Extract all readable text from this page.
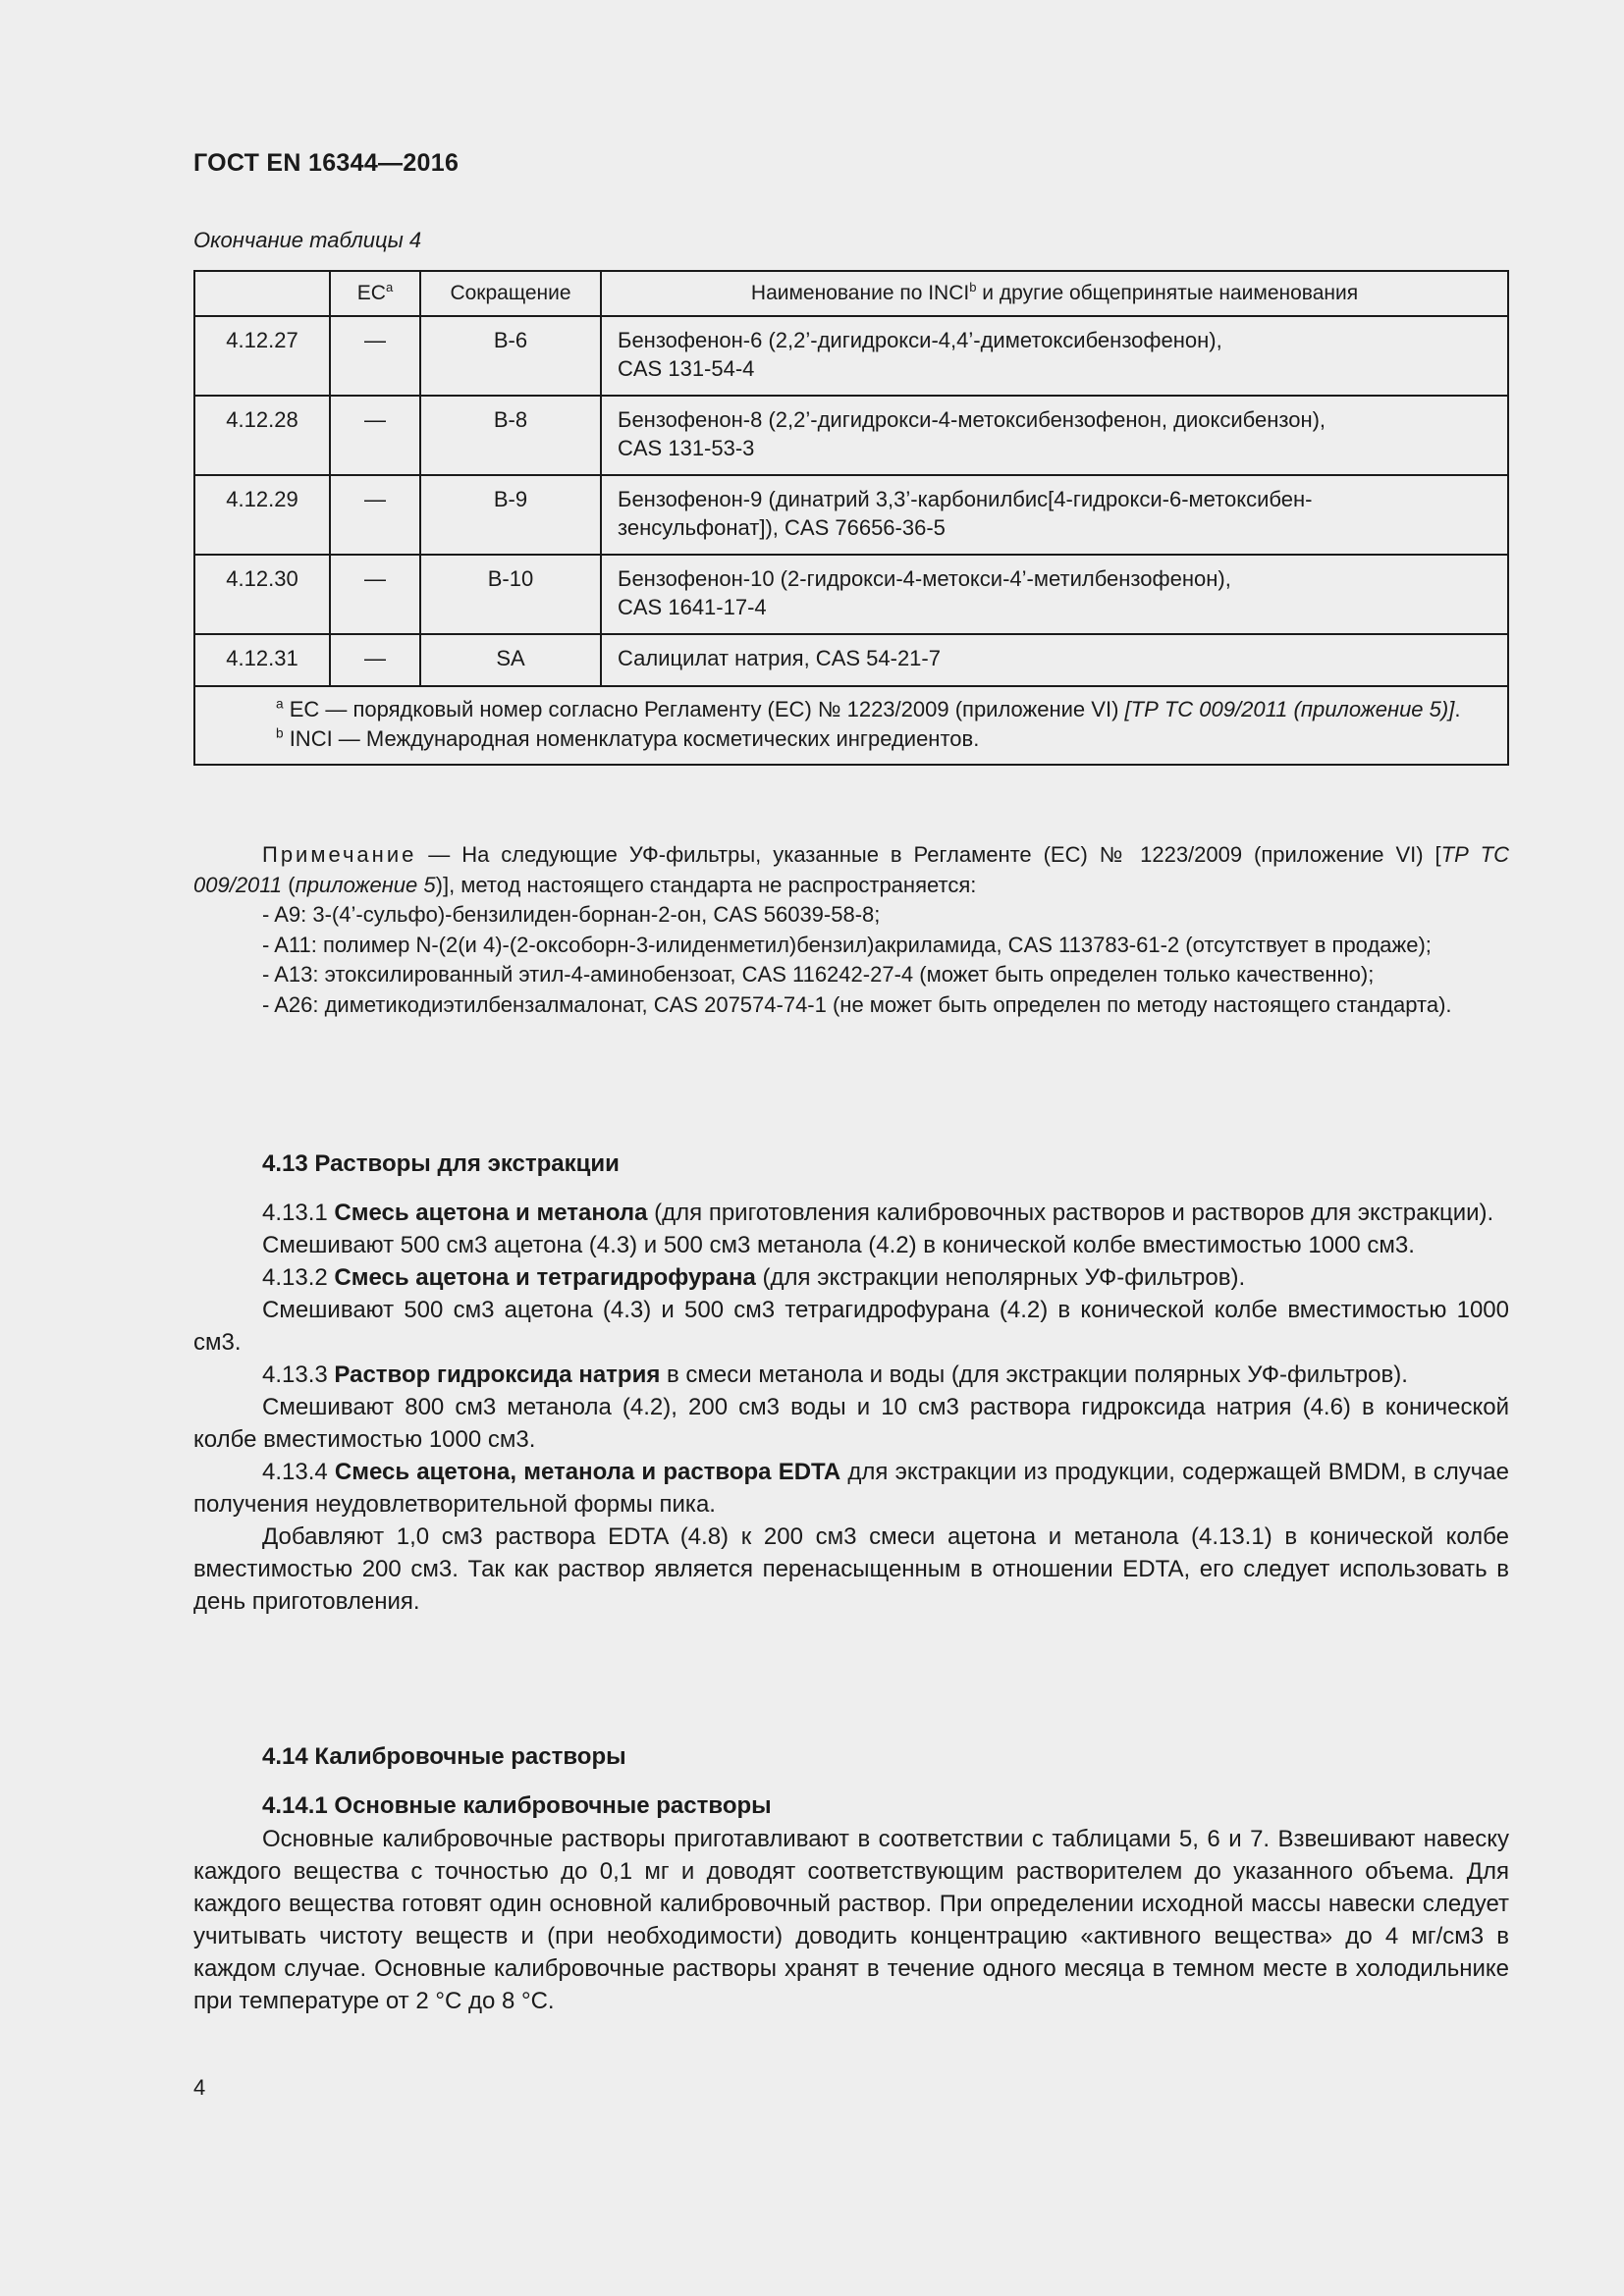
ГОСТ EN 16344—2016
Окончание таблицы 4
	$EC^a$	Сокращение	Наименование по INCI$^b$ и другие общепринятые наименования
4.12.27	—	B-6	Бензофенон-6 (2,2’-дигидрокси-4,4’-диметоксибензофенон),
CAS 131-54-4

4.12.28	—	B-8	Бензофенон-8 (2,2’-дигидрокси-4-метоксибензофенон, диоксибензон),
CAS 131-53-3

4.12.29	—	B-9	Бензофенон-9 (динатрий 3,3’-карбонилбис[4-гидрокси-6-метоксибен-
зенсульфонат]), CAS 76656-36-5

4.12.30	—	B-10	Бензофенон-10 (2-гидрокси-4-метокси-4’-метилбензофенон),
CAS 1641-17-4

4.12.31	—	SA	Салицилат натрия, CAS 54-21-7

$^a$ EC — порядковый номер согласно Регламенту (ЕС) № 1223/2009 (приложение VI) [ТР ТС 009/2011 (приложение 5)].
$^b$ INCI — Международная номенклатура косметических ингредиентов.			

Примечание — На следующие УФ-фильтры, указанные в Регламенте (ЕС) № 1223/2009 (приложение VI) [ТР ТС 009/2011 (приложение 5)], метод настоящего стандарта не распространяется:

- A9: 3-(4’-сульфо)-бензилиден-борнан-2-он, CAS 56039-58-8;

- A11: полимер N-(2(и 4)-(2-оксоборн-3-илиденметил)бензил)акриламида, CAS 113783-61-2 (отсутствует в продаже);

- A13: этоксилированный этил-4-аминобензоат, CAS 116242-27-4 (может быть определен только качественно);

- A26: диметикодиэтилбензалмалонат, CAS 207574-74-1 (не может быть определен по методу настоящего стандарта).

4.13 Растворы для экстракции

4.13.1 Смесь ацетона и метанола (для приготовления калибровочных растворов и растворов для экстракции).

Смешивают 500 см3 ацетона (4.3) и 500 см3 метанола (4.2) в конической колбе вместимостью 1000 см3.

4.13.2 Смесь ацетона и тетрагидрофурана (для экстракции неполярных УФ-фильтров).

Смешивают 500 см3 ацетона (4.3) и 500 см3 тетрагидрофурана (4.2) в конической колбе вместимостью 1000 см3.

4.13.3 Раствор гидроксида натрия в смеси метанола и воды (для экстракции полярных УФ-фильтров).

Смешивают 800 см3 метанола (4.2), 200 см3 воды и 10 см3 раствора гидроксида натрия (4.6) в конической колбе вместимостью 1000 см3.

4.13.4 Смесь ацетона, метанола и раствора EDTA для экстракции из продукции, содержащей BMDM, в случае получения неудовлетворительной формы пика.

Добавляют 1,0 см3 раствора EDTA (4.8) к 200 см3 смеси ацетона и метанола (4.13.1) в конической колбе вместимостью 200 см3. Так как раствор является перенасыщенным в отношении EDTA, его следует использовать в день приготовления.

4.14 Калибровочные растворы
4.14.1 Основные калибровочные растворы

Основные калибровочные растворы приготавливают в соответствии с таблицами 5, 6 и 7. Взвешивают навеску каждого вещества с точностью до 0,1 мг и доводят соответствующим растворителем до указанного объема. Для каждого вещества готовят один основной калибровочный раствор. При определении исходной массы навески следует учитывать чистоту веществ и (при необходимости) доводить концентрацию «активного вещества» до 4 мг/см3 в каждом случае. Основные калибровочные растворы хранят в течение одного месяца в темном месте в холодильнике при температуре от 2 °С до 8 °С.

4
